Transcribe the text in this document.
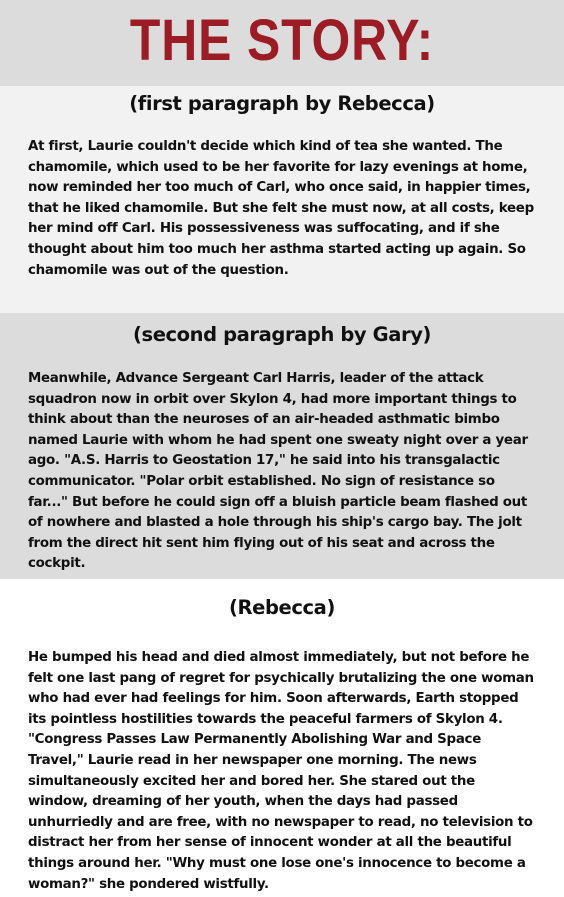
THE STORY:
(first paragraph by Rebecca)

At first, Laurie couldn't decide which kind of tea she wanted. The chamomile, which used to be her favorite for lazy evenings at home, now reminded her too much of Carl, who once said, in happier times, that he liked chamomile. But she felt she must now, at all costs, keep her mind off Carl. His possessiveness was suffocating, and if she thought about him too much her asthma started acting up again. So chamomile was out of the question.

(second paragraph by Gary)

Meanwhile, Advance Sergeant Carl Harris, leader of the attack squadron now in orbit over Skylon 4, had more important things to think about than the neuroses of an air-headed asthmatic bimbo named Laurie with whom he had spent one sweaty night over a year ago. "A.S. Harris to Geostation 17," he said into his transgalactic communicator. "Polar orbit established. No sign of resistance so far..." But before he could sign off a bluish particle beam flashed out of nowhere and blasted a hole through his ship's cargo bay. The jolt from the direct hit sent him flying out of his seat and across the cockpit.

(Rebecca)

He bumped his head and died almost immediately, but not before he felt one last pang of regret for psychically brutalizing the one woman who had ever had feelings for him. Soon afterwards, Earth stopped its pointless hostilities towards the peaceful farmers of Skylon 4. "Congress Passes Law Permanently Abolishing War and Space Travel," Laurie read in her newspaper one morning. The news simultaneously excited her and bored her. She stared out the window, dreaming of her youth, when the days had passed unhurriedly and are free, with no newspaper to read, no television to distract her from her sense of innocent wonder at all the beautiful things around her. "Why must one lose one's innocence to become a woman?" she pondered wistfully.
